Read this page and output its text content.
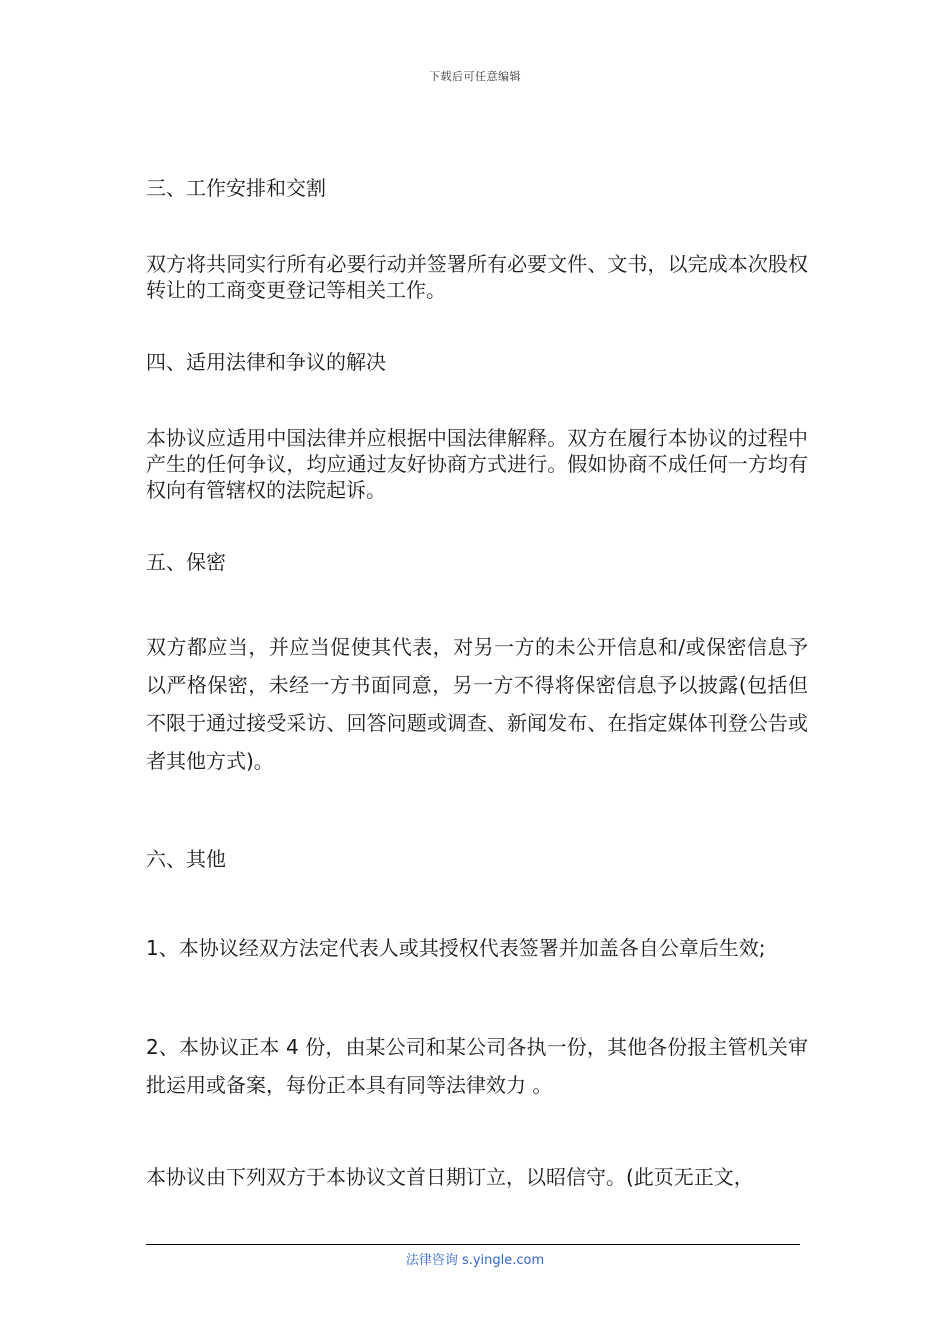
下载后可任意编辑

三、工作安排和交割

双方将共同实行所有必要行动并签署所有必要文件、文书，以完成本次股权转让的工商变更登记等相关工作。

四、适用法律和争议的解决

本协议应适用中国法律并应根据中国法律解释。双方在履行本协议的过程中产生的任何争议，均应通过友好协商方式进行。假如协商不成任何一方均有权向有管辖权的法院起诉。

五、保密

双方都应当，并应当促使其代表，对另一方的未公开信息和/或保密信息予以严格保密，未经一方书面同意，另一方不得将保密信息予以披露(包括但不限于通过接受采访、回答问题或调查、新闻发布、在指定媒体刊登公告或者其他方式)。

六、其他

1、本协议经双方法定代表人或其授权代表签署并加盖各自公章后生效;

2、本协议正本 4 份，由某公司和某公司各执一份，其他各份报主管机关审批运用或备案，每份正本具有同等法律效力 。

本协议由下列双方于本协议文首日期订立，以昭信守。(此页无正文，

法律咨询 s.yingle.com
